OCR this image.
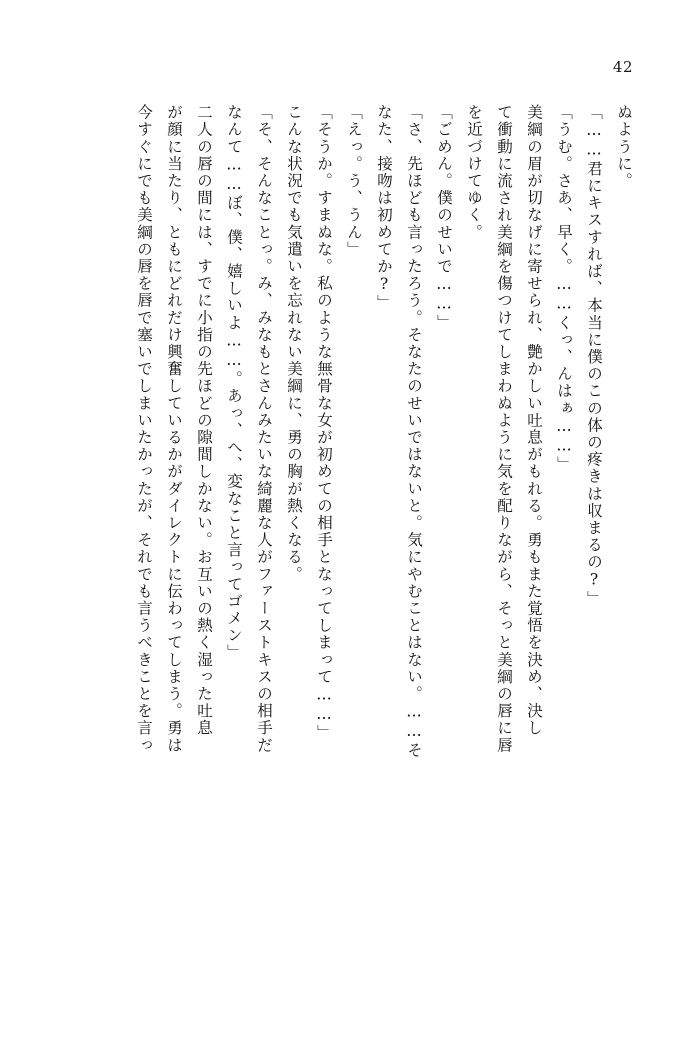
42
ぬように。
「……君にキスすれば、本当に僕のこの体の疼きは収まるの?」
「うむ。さあ、早く。……くっ、んはぁ……」
美綱の眉が切なげに寄せられ、艶かしい吐息がもれる。勇もまた覚悟を決め、決し
て衝動に流され美綱を傷つけてしまわぬように気を配りながら、そっと美綱の唇に唇
を近づけてゆく。
「ごめん。僕のせいで……」
「さ、先ほども言ったろう。そなたのせいではないと。気にやむことはない。……そ
なた、接吻は初めてか?」
「えっ。う、うん」
「そうか。すまぬな。私のような無骨な女が初めての相手となってしまって……」
こんな状況でも気遣いを忘れない美綱に、勇の胸が熱くなる。
「そ、そんなことっ。み、みなもとさんみたいな綺麗な人がファーストキスの相手だ
なんて……ぼ、僕、嬉しいよ……。あっ、へ、変なこと言ってゴメン」
二人の唇の間には、すでに小指の先ほどの隙間しかない。お互いの熱く湿った吐息
が顔に当たり、ともにどれだけ興奮しているかがダイレクトに伝わってしまう。勇は
今すぐにでも美綱の唇を唇で塞いでしまいたかったが、それでも言うべきことを言っ
